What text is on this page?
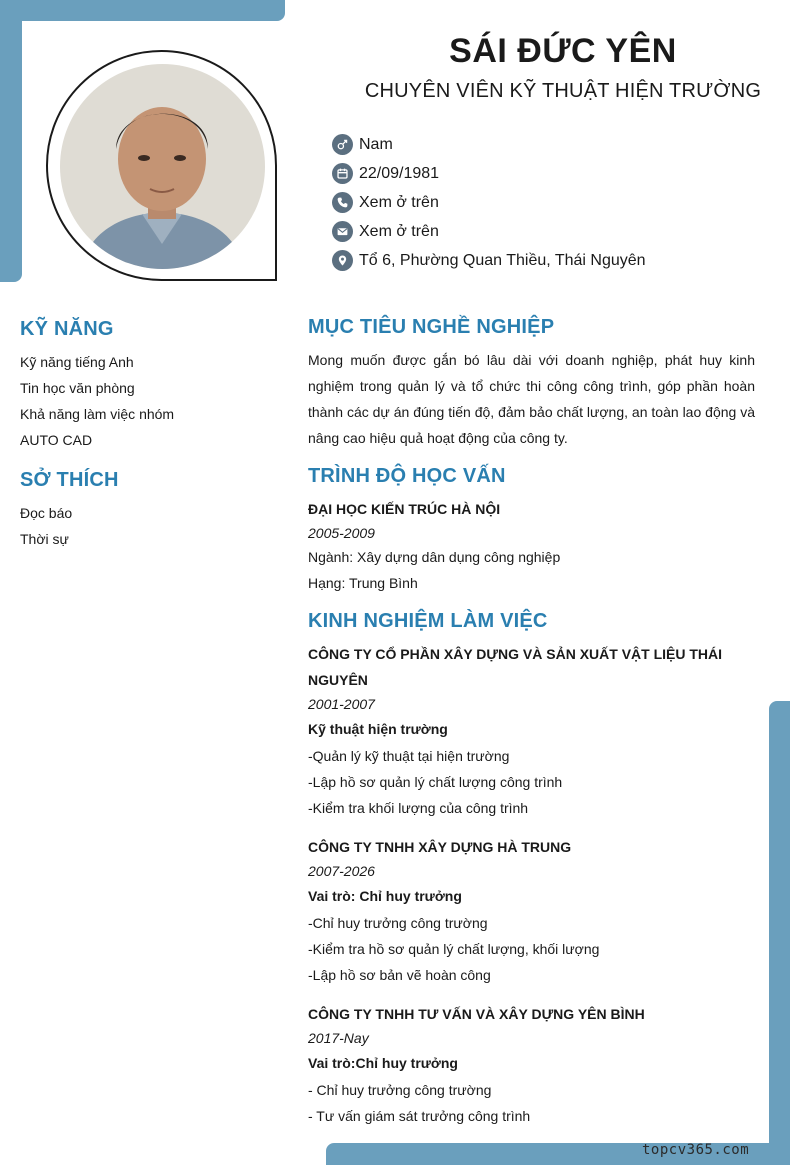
SÁI ĐỨC YÊN
CHUYÊN VIÊN KỸ THUẬT HIỆN TRƯỜNG
Nam
22/09/1981
Xem ở trên
Xem ở trên
Tổ 6, Phường Quan Thiều, Thái Nguyên
KỸ NĂNG
Kỹ năng tiếng Anh
Tin học văn phòng
Khả năng làm việc nhóm
AUTO CAD
SỞ THÍCH
Đọc báo
Thời sự
MỤC TIÊU NGHỀ NGHIỆP

Mong muốn được gắn bó lâu dài với doanh nghiệp, phát huy kinh nghiệm trong quản lý và tổ chức thi công công trình, góp phần hoàn thành các dự án đúng tiến độ, đảm bảo chất lượng, an toàn lao động và nâng cao hiệu quả hoạt động của công ty.

TRÌNH ĐỘ HỌC VẤN
ĐẠI HỌC KIẾN TRÚC HÀ NỘI
2005-2009
Ngành: Xây dựng dân dụng công nghiệp
Hạng: Trung Bình
KINH NGHIỆM LÀM VIỆC
CÔNG TY CỔ PHẦN XÂY DỰNG VÀ SẢN XUẤT VẬT LIỆU THÁI NGUYÊN
2001-2007
Kỹ thuật hiện trường
-Quản lý kỹ thuật tại hiện trường
-Lập hồ sơ quản lý chất lượng công trình
-Kiểm tra khối lượng của công trình
CÔNG TY TNHH XÂY DỰNG HÀ TRUNG
2007-2026
Vai trò: Chỉ huy trưởng
-Chỉ huy trưởng công trường
-Kiểm tra hồ sơ quản lý chất lượng, khối lượng
-Lập hồ sơ bản vẽ hoàn công
CÔNG TY TNHH TƯ VẤN VÀ XÂY DỰNG YÊN BÌNH
2017-Nay
Vai trò:Chỉ huy trưởng
- Chỉ huy trưởng công trường
- Tư vấn giám sát trưởng công trình
topcv365.com
